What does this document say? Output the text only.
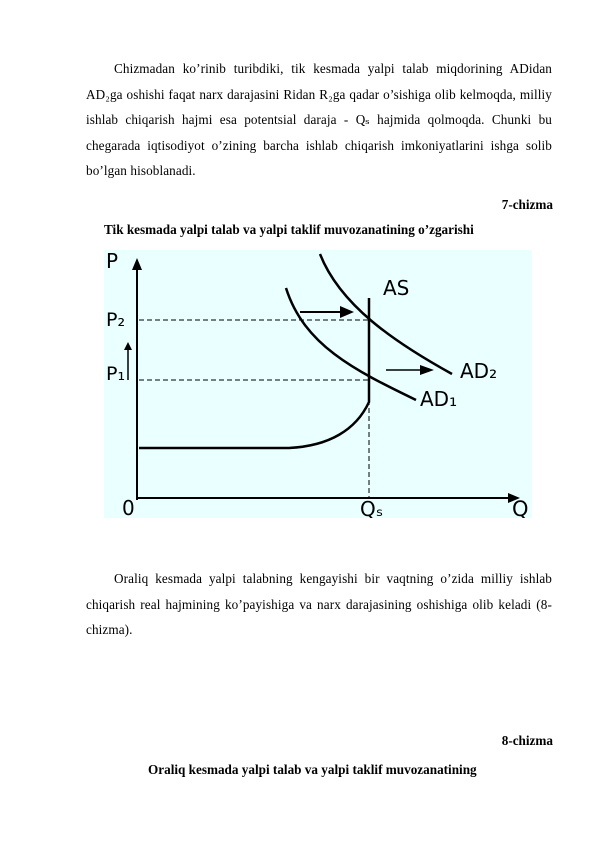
Chizmadan ko’rinib turibdiki, tik kesmada yalpi talab miqdorining ADidan AD₂ga oshishi faqat narx darajasini Ridan R₂ga qadar o’sishiga olib kelmoqda, milliy ishlab chiqarish hajmi esa potentsial daraja - Qₛ hajmida qolmoqda. Chunki bu chegarada iqtisodiyot o’zining barcha ishlab chiqarish imkoniyatlarini ishga solib bo’lgan hisoblanadi.

7-chizma

Tik kesmada yalpi talab va yalpi taklif muvozanatining o’zgarishi

P
P₂
P₁
0	Qₛ	Q
AS
AD₂
AD₁

Oraliq kesmada yalpi talabning kengayishi bir vaqtning o’zida milliy ishlab chiqarish real hajmining ko’payishiga va narx darajasining oshishiga olib keladi (8-chizma).

8-chizma

Oraliq kesmada yalpi talab va yalpi taklif muvozanatining
